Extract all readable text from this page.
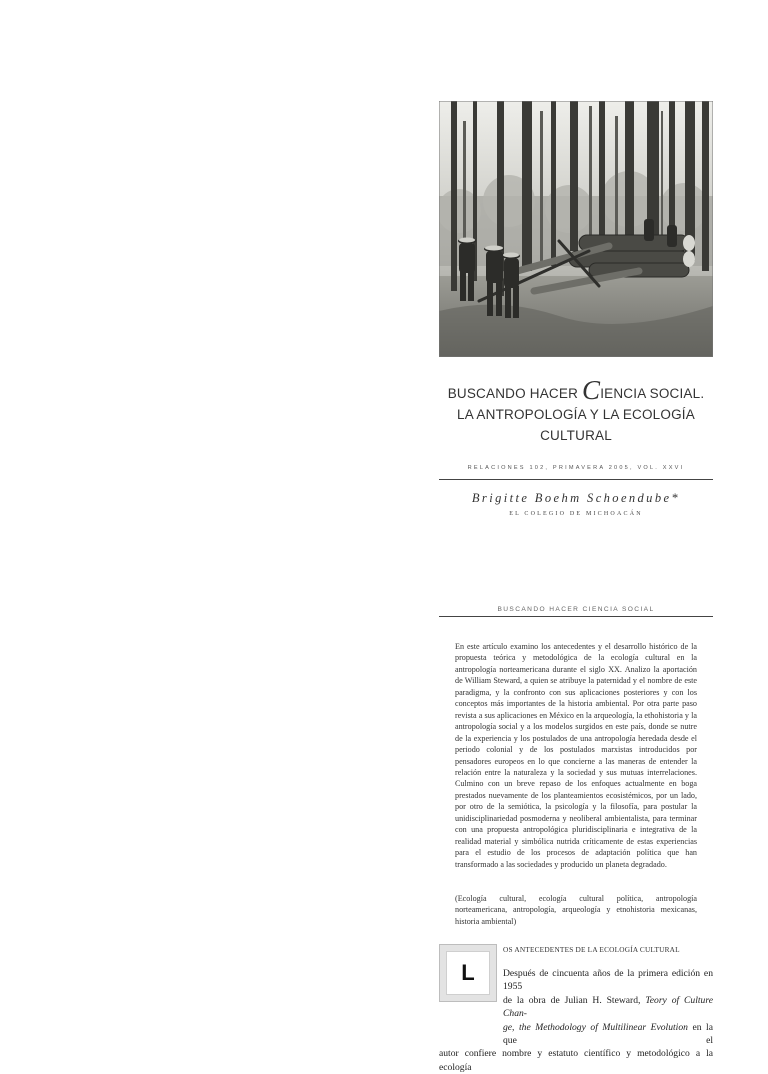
BUSCANDO HACER CIENCIA SOCIAL.
LA ANTROPOLOGÍA Y LA ECOLOGÍA
CULTURAL
RELACIONES 102, PRIMAVERA 2005, VOL. XXVI
Brigitte Boehm Schoendube*
EL COLEGIO DE MICHOACÁN
BUSCANDO HACER CIENCIA SOCIAL

En este artículo examino los antecedentes y el desarrollo histórico de la propuesta teórica y metodológica de la ecología cultural en la antropología norteamericana durante el siglo XX. Analizo la aportación de William Steward, a quien se atribuye la paternidad y el nombre de este paradigma, y la confronto con sus aplicaciones posteriores y con los conceptos más importantes de la historia ambiental. Por otra parte paso revista a sus aplicaciones en México en la arqueología, la ethohistoria y la antropología social y a los modelos surgidos en este país, donde se nutre de la experiencia y los postulados de una antropología heredada desde el periodo colonial y de los postulados marxistas introducidos por pensadores europeos en lo que concierne a las maneras de entender la relación entre la naturaleza y la sociedad y sus mutuas interrelaciones. Culmino con un breve repaso de los enfoques actualmente en boga prestados nuevamente de los planteamientos ecosistémicos, por un lado, por otro de la semiótica, la psicología y la filosofía, para postular la unidisciplinariedad posmoderna y neoliberal ambientalista, para terminar con una propuesta antropológica pluridisciplinaria e integrativa de la realidad material y simbólica nutrida críticamente de estas experiencias para el estudio de los procesos de adaptación política que han transformado a las sociedades y producido un planeta degradado.

(Ecología cultural, ecología cultural política, antropología norteamericana, antropología, arqueología y etnohistoria mexicanas, historia ambiental)

L
OS ANTECEDENTES DE LA ECOLOGÍA CULTURAL

Después de cincuenta años de la primera edición en 1955
de la obra de Julian H. Steward, Teory of Culture Chan-
ge, the Methodology of Multilinear Evolution en la que el
autor confiere nombre y estatuto científico y metodológico a la ecología
